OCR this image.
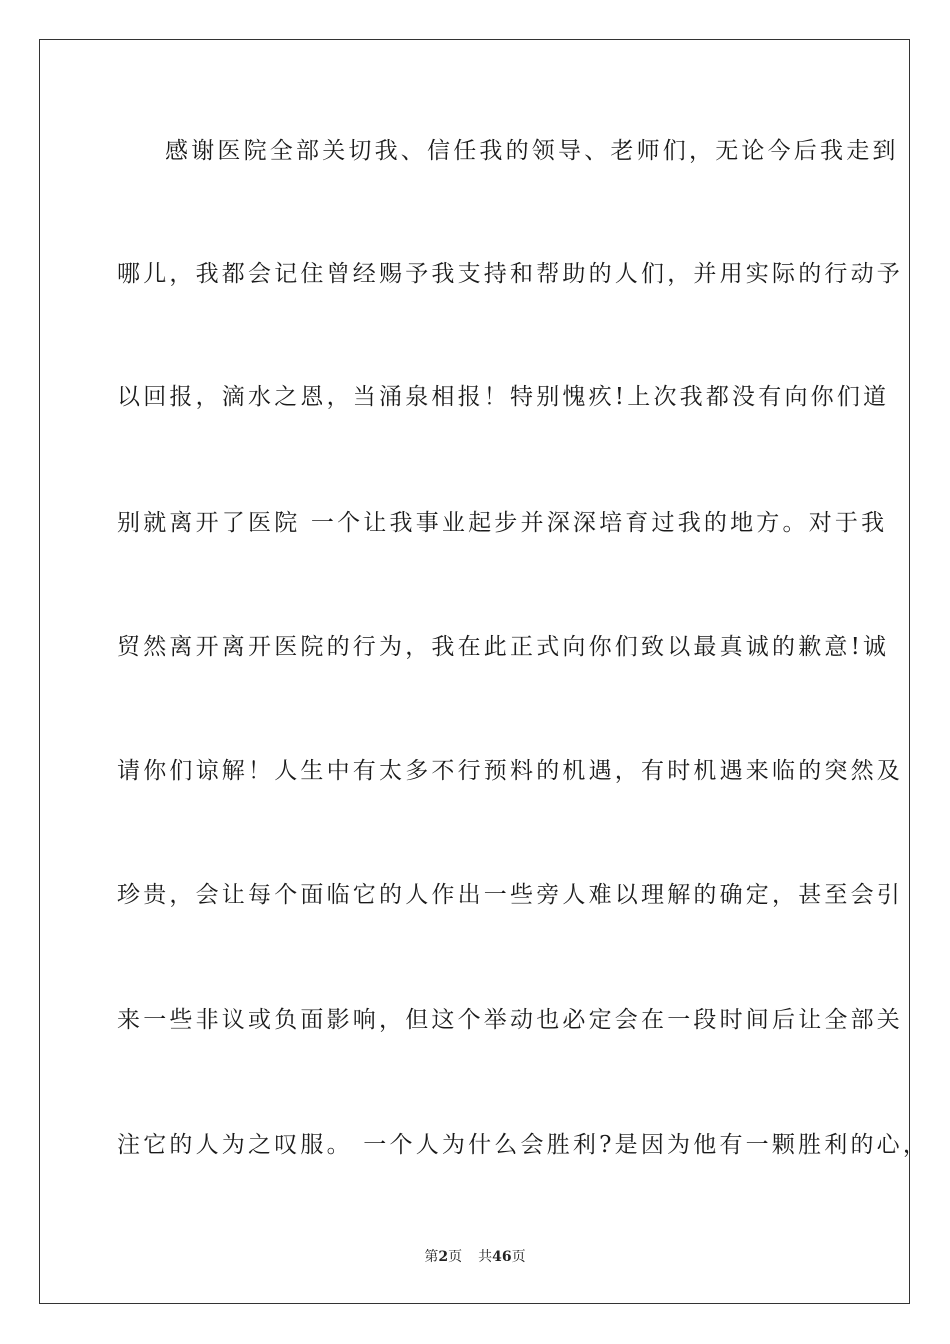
感谢医院全部关切我、信任我的领导、老师们，无论今后我走到
哪儿，我都会记住曾经赐予我支持和帮助的人们，并用实际的行动予
以回报，滴水之恩，当涌泉相报！特别愧疚!上次我都没有向你们道
别就离开了医院 一个让我事业起步并深深培育过我的地方。对于我
贸然离开离开医院的行为，我在此正式向你们致以最真诚的歉意!诚
请你们谅解！人生中有太多不行预料的机遇，有时机遇来临的突然及
珍贵，会让每个面临它的人作出一些旁人难以理解的确定，甚至会引
来一些非议或负面影响，但这个举动也必定会在一段时间后让全部关
注它的人为之叹服。 一个人为什么会胜利?是因为他有一颗胜利的心，
第2页 共46页
